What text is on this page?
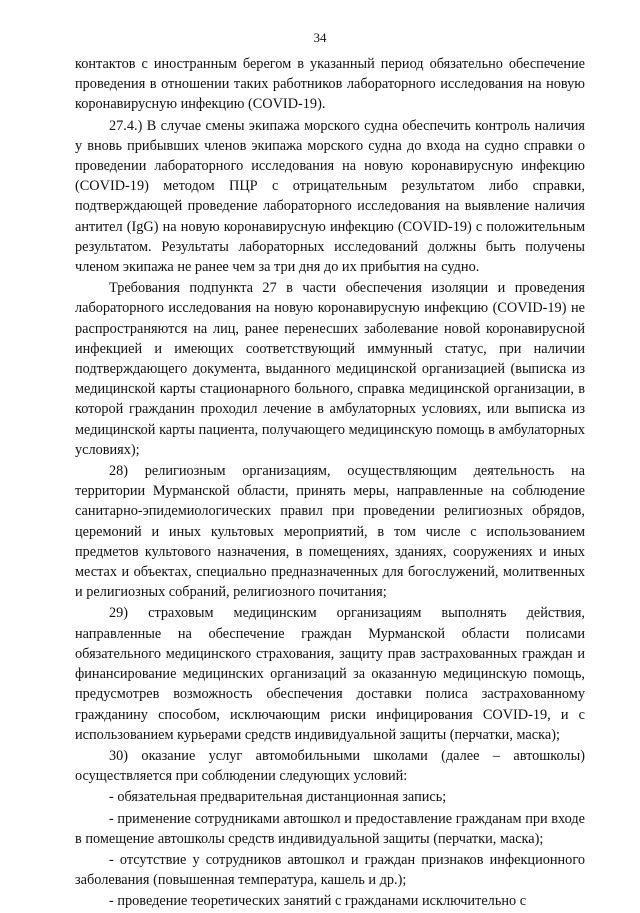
34

контактов с иностранным берегом в указанный период обязательно обеспечение проведения в отношении таких работников лабораторного исследования на новую коронавирусную инфекцию (COVID-19).

27.4.) В случае смены экипажа морского судна обеспечить контроль наличия у вновь прибывших членов экипажа морского судна до входа на судно справки о проведении лабораторного исследования на новую коронавирусную инфекцию (COVID-19) методом ПЦР с отрицательным результатом либо справки, подтверждающей проведение лабораторного исследования на выявление наличия антител (IgG) на новую коронавирусную инфекцию (COVID-19) с положительным результатом. Результаты лабораторных исследований должны быть получены членом экипажа не ранее чем за три дня до их прибытия на судно.

Требования подпункта 27 в части обеспечения изоляции и проведения лабораторного исследования на новую коронавирусную инфекцию (COVID-19) не распространяются на лиц, ранее перенесших заболевание новой коронавирусной инфекцией и имеющих соответствующий иммунный статус, при наличии подтверждающего документа, выданного медицинской организацией (выписка из медицинской карты стационарного больного, справка медицинской организации, в которой гражданин проходил лечение в амбулаторных условиях, или выписка из медицинской карты пациента, получающего медицинскую помощь в амбулаторных условиях);

28) религиозным организациям, осуществляющим деятельность на территории Мурманской области, принять меры, направленные на соблюдение санитарно-эпидемиологических правил при проведении религиозных обрядов, церемоний и иных культовых мероприятий, в том числе с использованием предметов культового назначения, в помещениях, зданиях, сооружениях и иных местах и объектах, специально предназначенных для богослужений, молитвенных и религиозных собраний, религиозного почитания;

29) страховым медицинским организациям выполнять действия, направленные на обеспечение граждан Мурманской области полисами обязательного медицинского страхования, защиту прав застрахованных граждан и финансирование медицинских организаций за оказанную медицинскую помощь, предусмотрев возможность обеспечения доставки полиса застрахованному гражданину способом, исключающим риски инфицирования COVID-19, и с использованием курьерами средств индивидуальной защиты (перчатки, маска);

30) оказание услуг автомобильными школами (далее – автошколы) осуществляется при соблюдении следующих условий:

- обязательная предварительная дистанционная запись;

- применение сотрудниками автошкол и предоставление гражданам при входе в помещение автошколы средств индивидуальной защиты (перчатки, маска);

- отсутствие у сотрудников автошкол и граждан признаков инфекционного заболевания (повышенная температура, кашель и др.);

- проведение теоретических занятий с гражданами исключительно с
